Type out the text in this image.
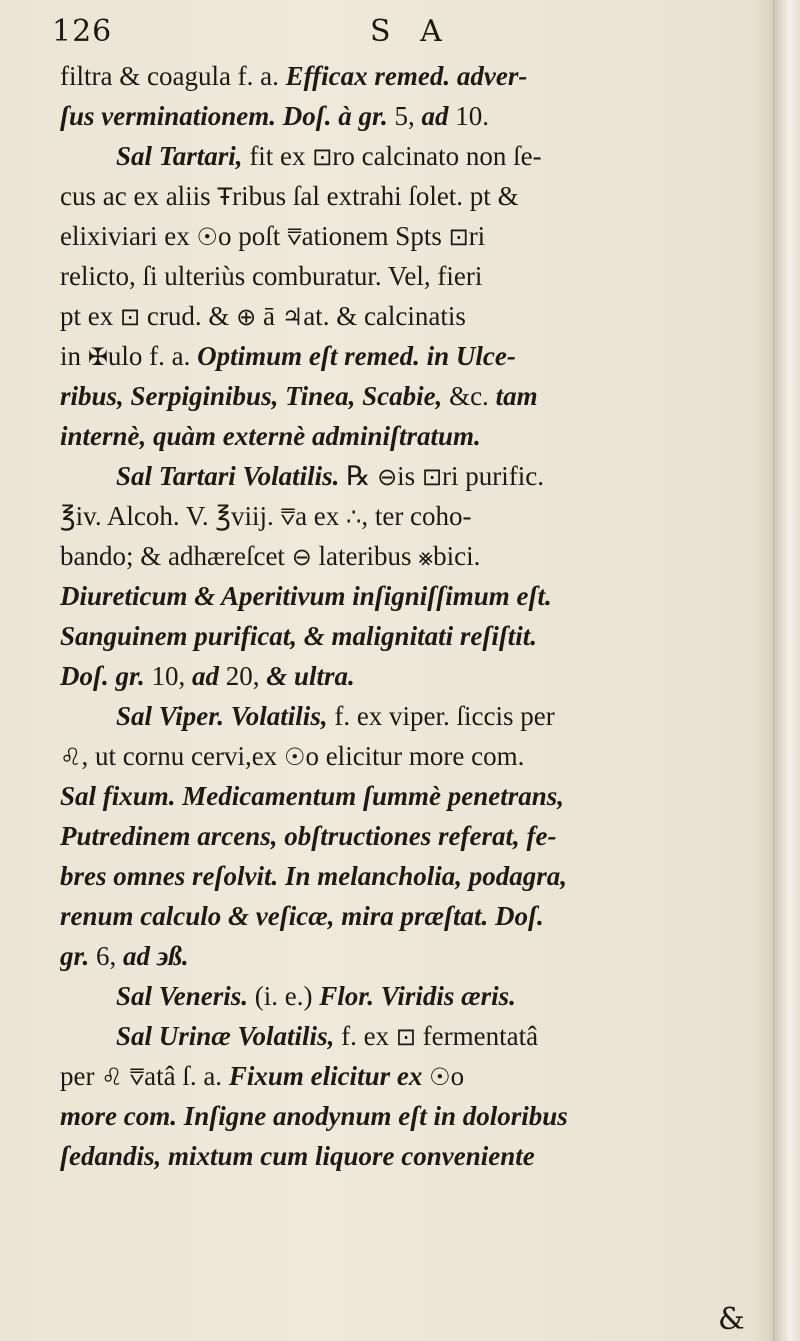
126	S A
filtra & coagula f. a. Efficax remed. adver-
ſus verminationem. Doſ. à gr. 5, ad 10.
Sal Tartari, fit ex ⊡ro calcinato non ſe-
cus ac ex aliis Ŧribus ſal extrahi ſolet. pt &
elixiviari ex ☉o poſt ⩢ationem Spts ⊡ri
relicto, ſi ulteriùs comburatur. Vel, fieri
pt ex ⊡ crud. & ⊕ ā ♃at. & calcinatis
in ✠ulo f. a. Optimum eſt remed. in Ulce-
ribus, Serpiginibus, Tinea, Scabie, &c. tam
internè, quàm externè adminiſtratum.
Sal Tartari Volatilis. ℞ ⊖is ⊡ri purific.
℥iv. Alcoh. V. ℥viij. ⩢a ex ∴, ter coho-
bando; & adhæreſcet ⊖ lateribus ⨳bici.
Diureticum & Aperitivum inſigniſſimum eſt.
Sanguinem purificat, & malignitati reſiſtit.
Doſ. gr. 10, ad 20, & ultra.
Sal Viper. Volatilis, f. ex viper. ſiccis per
♌, ut cornu cervi,ex ☉o elicitur more com.
Sal fixum. Medicamentum ſummè penetrans,
Putredinem arcens, obſtructiones referat, fe-
bres omnes reſolvit. In melancholia, podagra,
renum calculo & veſicæ, mira præſtat. Doſ.
gr. 6, ad ϶ß.
Sal Veneris. (i. e.) Flor. Viridis æris.
Sal Urinæ Volatilis, f. ex ⊡ fermentatâ
per ♌ ⩢atâ ſ. a. Fixum elicitur ex ☉o
more com. Inſigne anodynum eſt in doloribus
ſedandis, mixtum cum liquore conveniente
&
